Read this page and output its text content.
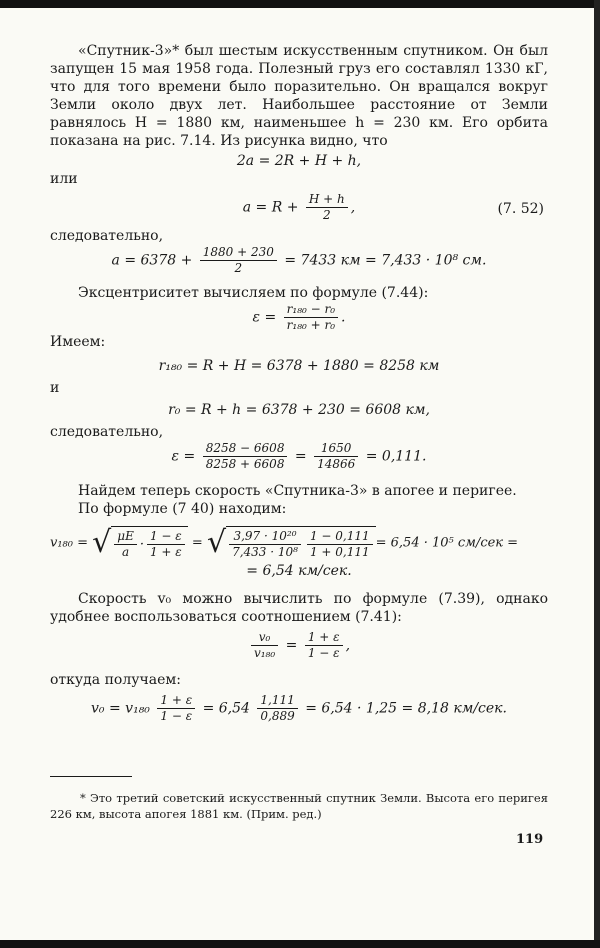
«Спутник-3»* был шестым искусственным спутником. Он был запущен 15 мая 1958 года. Полезный груз его составлял 1330 кГ, что для того времени было поразительно. Он вращался вокруг Земли около двух лет. Наибольшее расстояние от Земли равнялось H = 1880 км, наименьшее h = 230 км. Его орбита показана на рис. 7.14. Из рисунка видно, что

2a = 2R + H + h,

или

$a = R + \frac{H + h}{2}$ ,	(7. 52)

следовательно,

$a = 6378 + \frac{1880 + 230}{2} = 7433$ км = 7,433 · 10⁸ см.

Эксцентриситет вычисляем по формуле (7.44):

$\varepsilon = \frac{\text{r₁₈₀ − r₀}}{\text{r₁₈₀ + r₀}}$ .

Имеем:

r₁₈₀ = R + H = 6378 + 1880 = 8258 км

и

r₀ = R + h = 6378 + 230 = 6608 км,

следовательно,

$\varepsilon = \frac{8258 - 6608}{8258 + 6608} = \frac{1650}{14866} = 0,111$.

Найдем теперь скорость «Спутника-3» в апогее и перигее.

По формуле (7 40) находим:

v₁₈₀ = √ $\frac{\mu E}{a} \cdot \frac{1 - \varepsilon}{1 + \varepsilon}$ = √ $\frac{\text{3,97 · 10²⁰}}{\text{7,433 · 10⁸}} \frac{1 - 0,111}{1 + 0,111} = 6,54 \cdot 10^5$ см/сек =
= 6,54 км/сек.

Скорость v₀ можно вычислить по формуле (7.39), однако удобнее воспользоваться соотношением (7.41):

$\frac{\text{v₀}}{\text{v₁₈₀}} = \frac{1 + \varepsilon}{1 - \varepsilon}$ ,

откуда получаем:

$v_0 = v_{180} \frac{1 + \varepsilon}{1 - \varepsilon} = 6,54 \frac{1,111}{0,889} = 6,54 \cdot 1,25 = 8,18$ км/сек.
* Это третий советский искусственный спутник Земли. Высота его перигея 226 км, высота апогея 1881 км. (Прим. ред.)
119
